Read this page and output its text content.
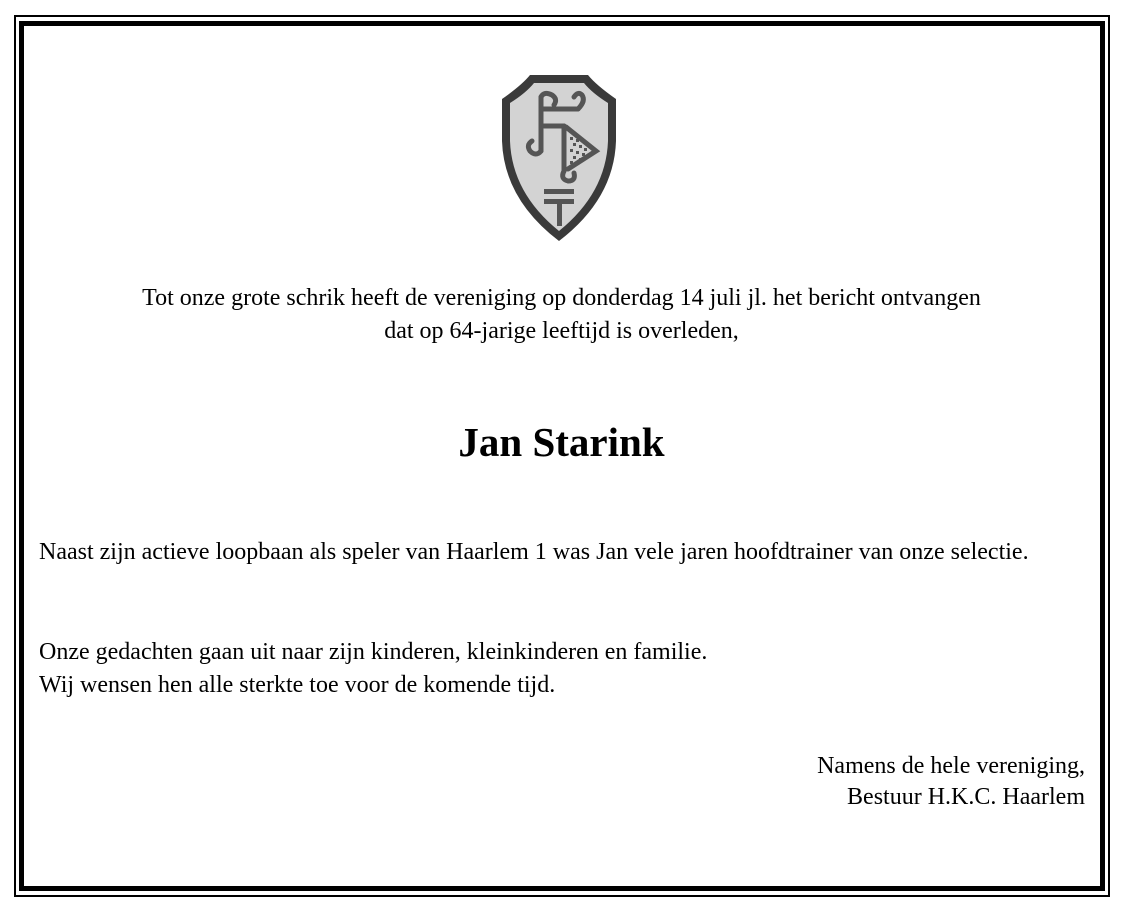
Tot onze grote schrik heeft de vereniging op donderdag 14 juli jl. het bericht ontvangen
dat op 64-jarige leeftijd is overleden,
Jan Starink
Naast zijn actieve loopbaan als speler van Haarlem 1 was Jan vele jaren hoofdtrainer van onze selectie.
Onze gedachten gaan uit naar zijn kinderen, kleinkinderen en familie.
Wij wensen hen alle sterkte toe voor de komende tijd.
Namens de hele vereniging,
Bestuur H.K.C. Haarlem
